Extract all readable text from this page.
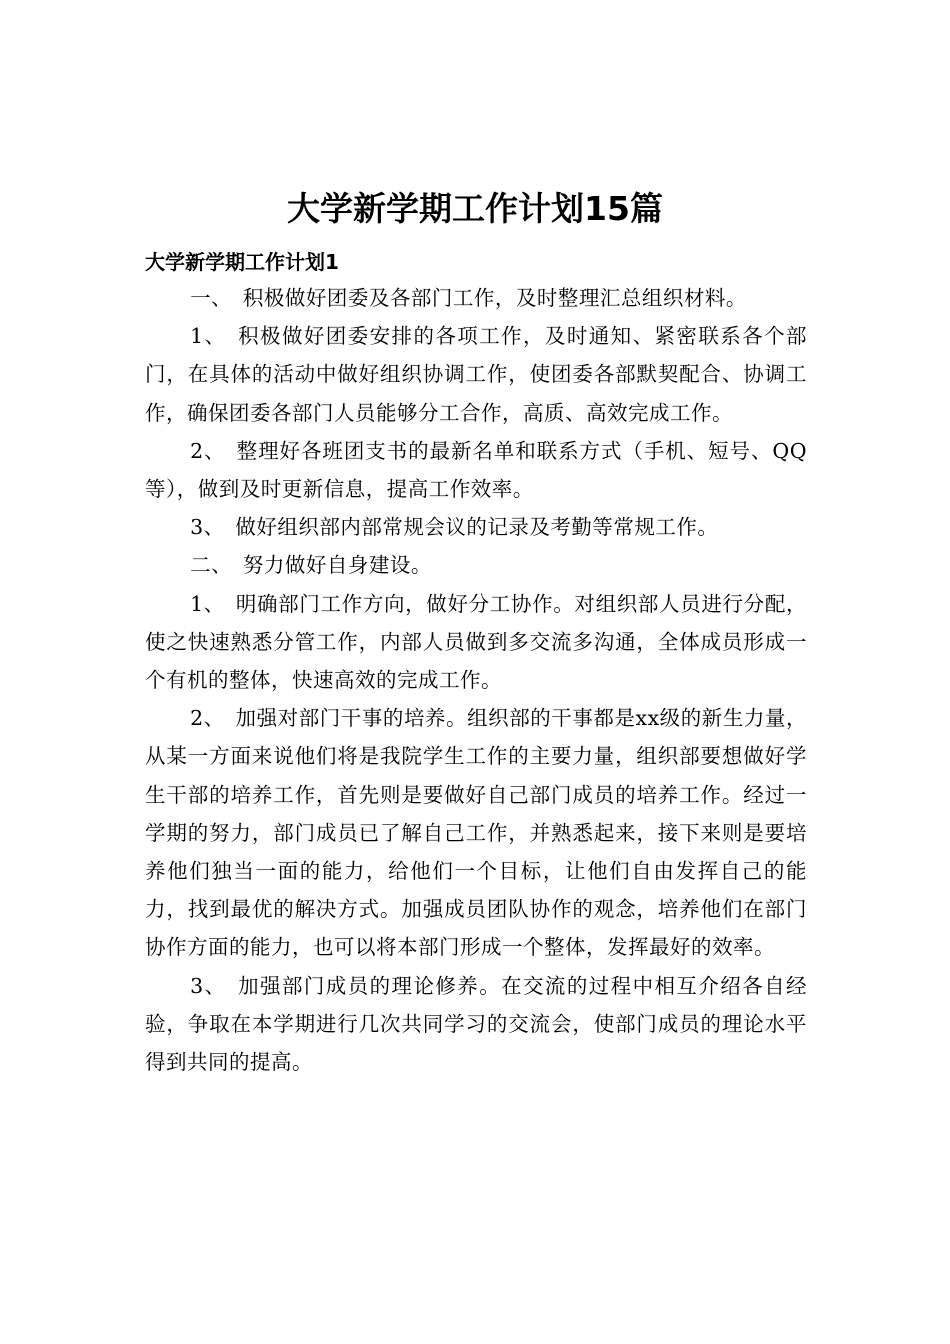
大学新学期工作计划15篇
大学新学期工作计划1

一、　积极做好团委及各部门工作，及时整理汇总组织材料。

1、　积极做好团委安排的各项工作，及时通知、紧密联系各个部门，在具体的活动中做好组织协调工作，使团委各部默契配合、协调工作，确保团委各部门人员能够分工合作，高质、高效完成工作。

2、　整理好各班团支书的最新名单和联系方式（手机、短号、QQ等），做到及时更新信息，提高工作效率。

3、　做好组织部内部常规会议的记录及考勤等常规工作。

二、　努力做好自身建设。

1、　明确部门工作方向，做好分工协作。对组织部人员进行分配，使之快速熟悉分管工作，内部人员做到多交流多沟通，全体成员形成一个有机的整体，快速高效的完成工作。

2、　加强对部门干事的培养。组织部的干事都是xx级的新生力量，从某一方面来说他们将是我院学生工作的主要力量，组织部要想做好学生干部的培养工作，首先则是要做好自己部门成员的培养工作。经过一学期的努力，部门成员已了解自己工作，并熟悉起来，接下来则是要培养他们独当一面的能力，给他们一个目标，让他们自由发挥自己的能力，找到最优的解决方式。加强成员团队协作的观念，培养他们在部门协作方面的能力，也可以将本部门形成一个整体，发挥最好的效率。

3、　加强部门成员的理论修养。在交流的过程中相互介绍各自经验，争取在本学期进行几次共同学习的交流会，使部门成员的理论水平得到共同的提高。
